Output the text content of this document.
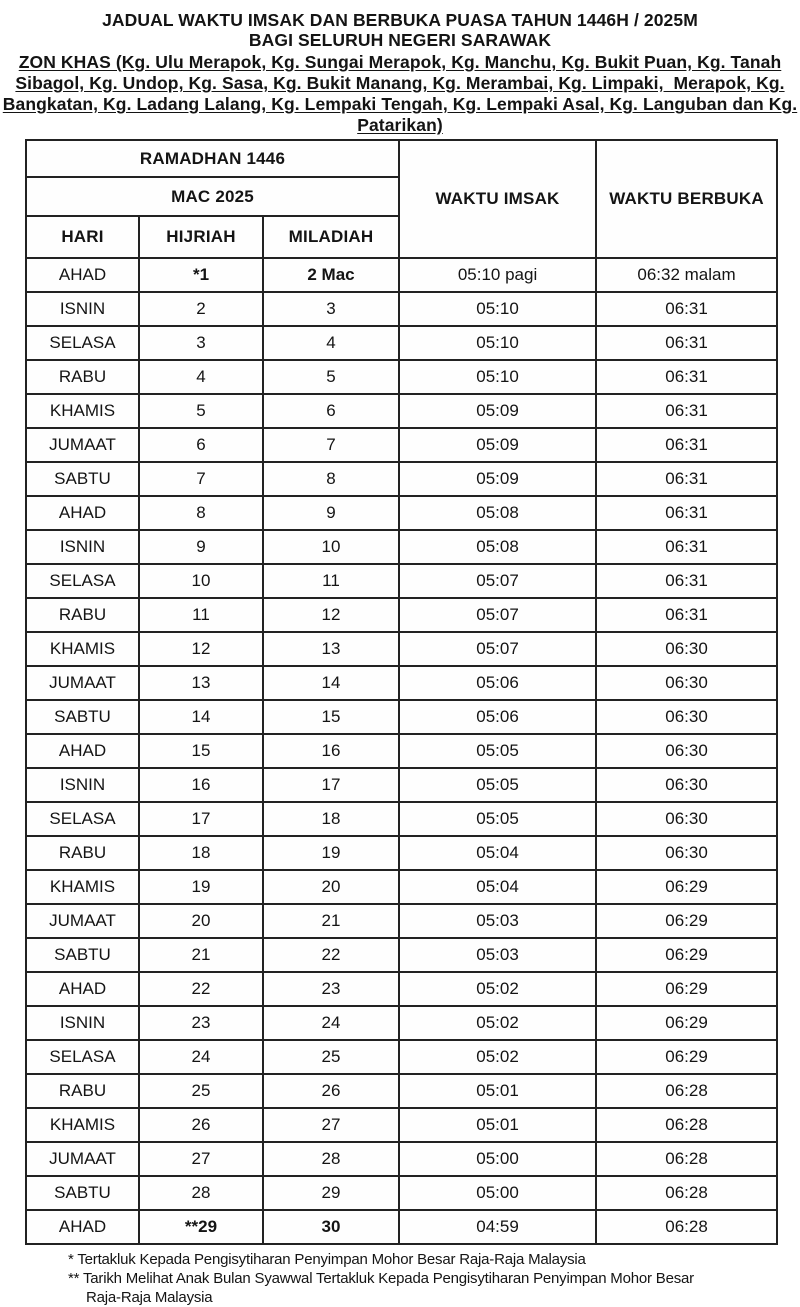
JADUAL WAKTU IMSAK DAN BERBUKA PUASA TAHUN 1446H / 2025M
BAGI SELURUH NEGERI SARAWAK
ZON KHAS (Kg. Ulu Merapok, Kg. Sungai Merapok, Kg. Manchu, Kg. Bukit Puan, Kg. Tanah
Sibagol, Kg. Undop, Kg. Sasa, Kg. Bukit Manang, Kg. Merambai, Kg. Limpaki,  Merapok, Kg.
Bangkatan, Kg. Ladang Lalang, Kg. Lempaki Tengah, Kg. Lempaki Asal, Kg. Languban dan Kg.
Patarikan)
RAMADHAN 1446			WAKTU IMSAK	WAKTU BERBUKA
MAC 2025				
HARI	HIJRIAH	MILADIAH		
AHAD	*1	2 Mac	05:10 pagi	06:32 malam
ISNIN	2	3	05:10	06:31
SELASA	3	4	05:10	06:31
RABU	4	5	05:10	06:31
KHAMIS	5	6	05:09	06:31
JUMAAT	6	7	05:09	06:31
SABTU	7	8	05:09	06:31
AHAD	8	9	05:08	06:31
ISNIN	9	10	05:08	06:31
SELASA	10	11	05:07	06:31
RABU	11	12	05:07	06:31
KHAMIS	12	13	05:07	06:30
JUMAAT	13	14	05:06	06:30
SABTU	14	15	05:06	06:30
AHAD	15	16	05:05	06:30
ISNIN	16	17	05:05	06:30
SELASA	17	18	05:05	06:30
RABU	18	19	05:04	06:30
KHAMIS	19	20	05:04	06:29
JUMAAT	20	21	05:03	06:29
SABTU	21	22	05:03	06:29
AHAD	22	23	05:02	06:29
ISNIN	23	24	05:02	06:29
SELASA	24	25	05:02	06:29
RABU	25	26	05:01	06:28
KHAMIS	26	27	05:01	06:28
JUMAAT	27	28	05:00	06:28
SABTU	28	29	05:00	06:28
AHAD	**29	30	04:59	06:28
* Tertakluk Kepada Pengisytiharan Penyimpan Mohor Besar Raja-Raja Malaysia
** Tarikh Melihat Anak Bulan Syawwal Tertakluk Kepada Pengisytiharan Penyimpan Mohor Besar Raja-Raja Malaysia
